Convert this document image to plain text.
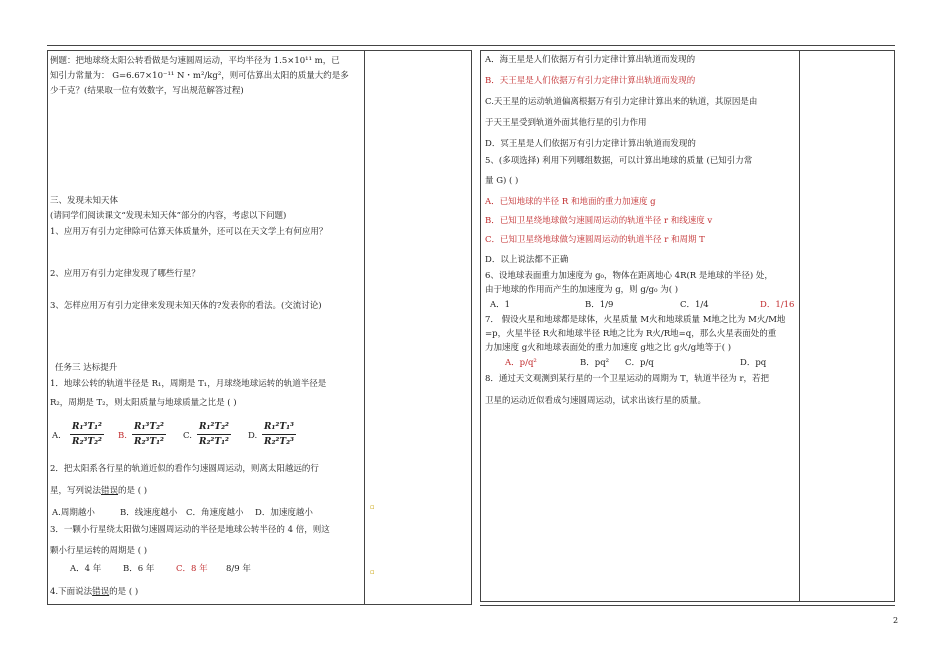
例题：把地球绕太阳公转看做是匀速圆周运动，平均半径为 1.5×10¹¹ m，已
知引力常量为： G=6.67×10⁻¹¹ N・m²/kg²，则可估算出太阳的质量大约是多
少千克？(结果取一位有效数字，写出规范解答过程)
三、发现未知天体
(请同学们阅读课文“发现未知天体”部分的内容，考虑以下问题)
1、应用万有引力定律除可估算天体质量外，还可以在天文学上有何应用？
2、应用万有引力定律发现了哪些行星？
3、怎样应用万有引力定律来发现未知天体的?发表你的看法。(交流讨论)
任务三 达标提升
1．地球公转的轨道半径是 R₁，周期是 T₁，月球绕地球运转的轨道半径是
R₂，周期是 T₂，则太阳质量与地球质量之比是 ( )
A.
R₁³T₁²
R₂³T₂²
B.
R₁³T₂²
R₂³T₁²
C.
R₁²T₂²
R₂²T₁²
D.
R₁²T₁³
R₂²T₂³
2．把太阳系各行星的轨道近似的看作匀速圆周运动，则离太阳越远的行
星，写列说法错误的是 ( )
A.周期越小	B．线速度越小 C．角速度越小 D．加速度越小
3．一颗小行星绕太阳做匀速圆周运动的半径是地球公转半径的 4 倍，则这
颗小行星运转的周期是 ( )
A．4 年	B．6 年	C．8 年 8/9 年
4.下面说法错误的是 ( )
▫
▫
A．海王星是人们依据万有引力定律计算出轨道而发现的
B．天王星是人们依据万有引力定律计算出轨道而发现的
C.天王星的运动轨道偏离根据万有引力定律计算出来的轨道，其原因是由
于天王星受到轨道外面其他行星的引力作用
D．冥王星是人们依据万有引力定律计算出轨道而发现的
5、(多项选择) 利用下列哪组数据，可以计算出地球的质量 (已知引力常
量 G) ( )
A．已知地球的半径 R 和地面的重力加速度 g
B．已知卫星绕地球做匀速圆周运动的轨道半径 r 和线速度 v
C．已知卫星绕地球做匀速圆周运动的轨道半径 r 和周期 T
D．以上说法都不正确
6、设地球表面重力加速度为 g₀，物体在距离地心 4R(R 是地球的半径) 处，
由于地球的作用而产生的加速度为 g，则 g/g₀ 为( )
A．1	B．1/9	C．1/4	D．1/16
7． 假设火星和地球都是球体，火星质量 M火和地球质量 M地之比为 M火/M地
=p，火星半径 R火和地球半径 R地之比为 R火/R地=q，那么火星表面处的重
力加速度 g火和地球表面处的重力加速度 g地之比 g火/g地等于( )
A．p/q²	B．pq² C．p/q	D．pq
8．通过天文观测到某行星的一个卫星运动的周期为 T，轨道半径为 r，若把
卫星的运动近似看成匀速圆周运动，试求出该行星的质量。
2
